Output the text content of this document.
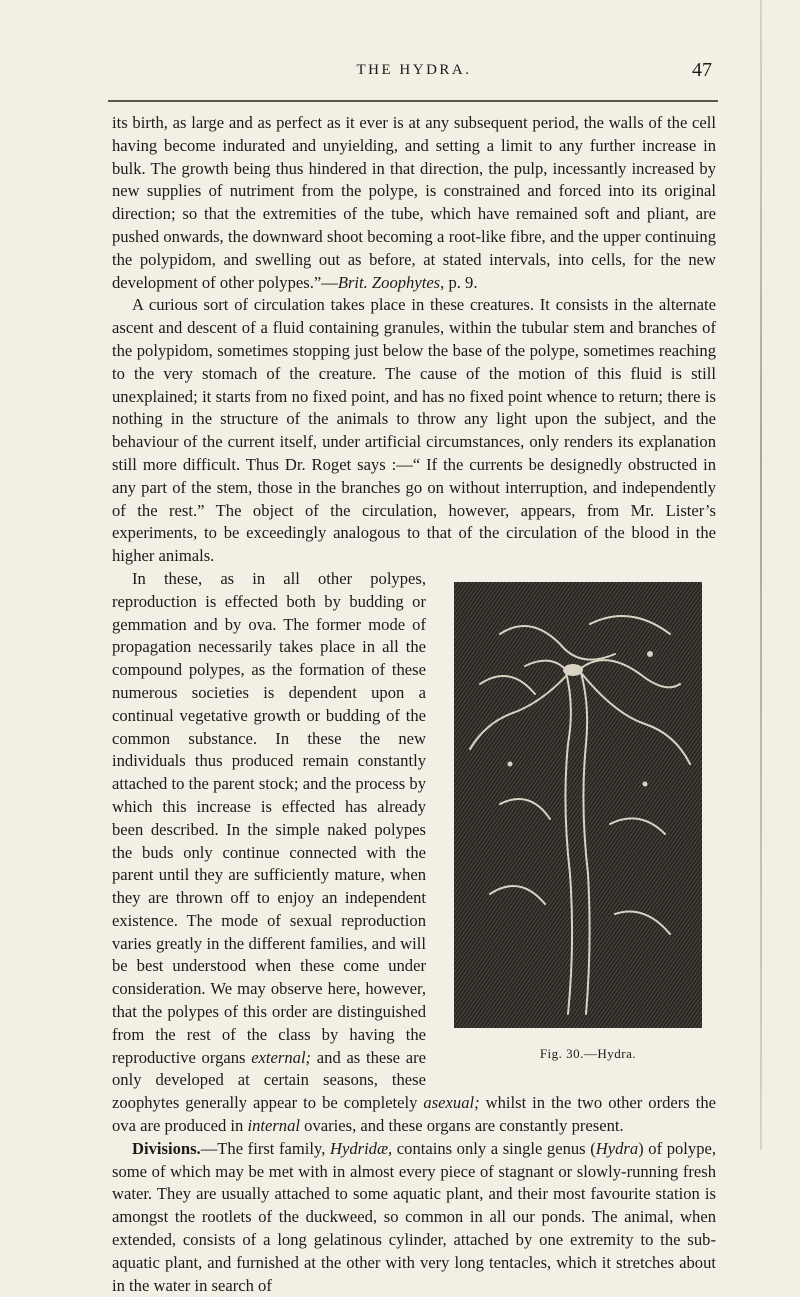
THE HYDRA.	47

its birth, as large and as perfect as it ever is at any subsequent period, the walls of the cell having become indurated and unyielding, and setting a limit to any further increase in bulk. The growth being thus hindered in that direction, the pulp, incessantly increased by new supplies of nutriment from the polype, is constrained and forced into its original direction; so that the extremities of the tube, which have remained soft and pliant, are pushed onwards, the downward shoot becoming a root-like fibre, and the upper continuing the polypidom, and swelling out as before, at stated intervals, into cells, for the new development of other polypes.”—Brit. Zoophytes, p. 9.

A curious sort of circulation takes place in these creatures. It consists in the alternate ascent and descent of a fluid containing granules, within the tubular stem and branches of the polypidom, sometimes stopping just below the base of the polype, sometimes reaching to the very stomach of the creature. The cause of the motion of this fluid is still unexplained; it starts from no fixed point, and has no fixed point whence to return; there is nothing in the structure of the animals to throw any light upon the subject, and the behaviour of the current itself, under artificial circumstances, only renders its explanation still more difficult. Thus Dr. Roget says :—“ If the currents be designedly obstructed in any part of the stem, those in the branches go on without interruption, and independently of the rest.” The object of the circulation, however, appears, from Mr. Lister’s experiments, to be exceedingly analogous to that of the circulation of the blood in the higher animals.

Fig. 30.—Hydra.
In these, as in all other polypes, reproduction is effected both by budding or gemmation and by ova. The former mode of propagation necessarily takes place in all the compound polypes, as the formation of these numerous societies is dependent upon a continual vegetative growth or budding of the common substance. In these the new individuals thus produced remain constantly attached to the parent stock; and the process by which this increase is effected has already been described. In the simple naked polypes the buds only continue connected with the parent until they are sufficiently mature, when they are thrown off to enjoy an independent existence. The mode of sexual reproduction varies greatly in the different families, and will be best understood when these come under consideration. We may observe here, however, that the polypes of this order are distinguished from the rest of the class by having the reproductive organs external; and as these are only developed at certain seasons, these zoophytes generally appear to be completely asexual; whilst in the two other orders the ova are produced in internal ovaries, and these organs are constantly present.

Divisions.—The first family, Hydridæ, contains only a single genus (Hydra) of polype, some of which may be met with in almost every piece of stagnant or slowly-running fresh water. They are usually attached to some aquatic plant, and their most favourite station is amongst the rootlets of the duckweed, so common in all our ponds. The animal, when extended, consists of a long gelatinous cylinder, attached by one extremity to the sub-aquatic plant, and furnished at the other with very long tentacles, which it stretches about in the water in search of
